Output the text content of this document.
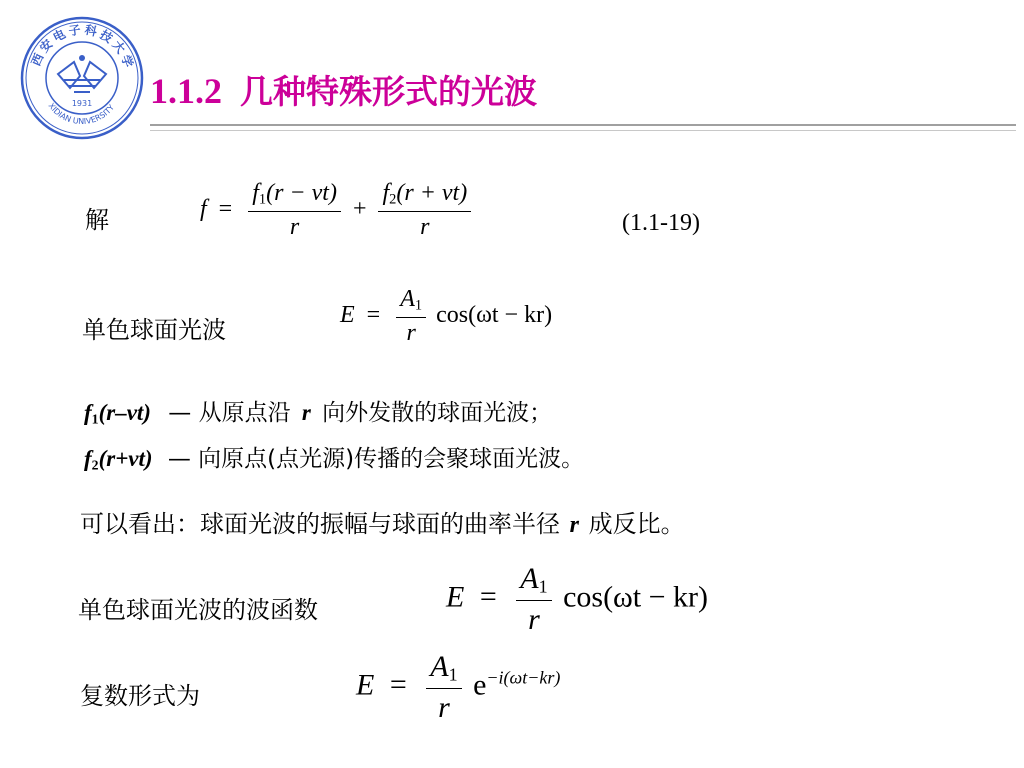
西安电子科技大学
XIDIAN UNIVERSITY
1931 1.1.2 几种特殊形式的光波
解	$f = \frac{f_1(r - vt)}{r} + \frac{f_2(r + vt)}{r}$	(1.1-19)
单色球面光波
$E = \frac{A_1}{r} \cos(\omega t - kr)$
$f_1(r-vt)$ — 从原点沿 r 向外发散的球面光波；
$f_2(r+vt)$ — 向原点(点光源)传播的会聚球面光波。
可以看出：球面光波的振幅与球面的曲率半径 r 成反比。
单色球面光波的波函数	$E = \frac{A_1}{r} \cos(\omega t - kr)$
复数形式为	$E = \frac{A_1}{r} e^{-i(\omega t-kr)}$
